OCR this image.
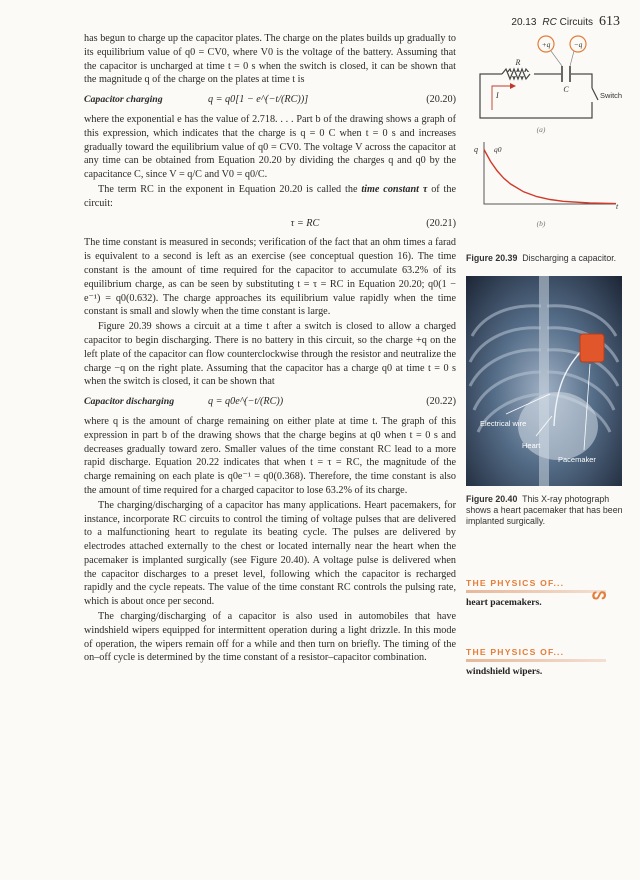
20.13 RC Circuits 613

has begun to charge up the capacitor plates. The charge on the plates builds up gradually to its equilibrium value of q0 = CV0, where V0 is the voltage of the battery. Assuming that the capacitor is uncharged at time t = 0 s when the switch is closed, it can be shown that the magnitude q of the charge on the plates at time t is

Capacitor charging	q = q0[1 − e^(−t/(RC))]	(20.20)

where the exponential e has the value of 2.718. . . . Part b of the drawing shows a graph of this expression, which indicates that the charge is q = 0 C when t = 0 s and increases gradually toward the equilibrium value of q0 = CV0. The voltage V across the capacitor at any time can be obtained from Equation 20.20 by dividing the charges q and q0 by the capacitance C, since V = q/C and V0 = q0/C.

The term RC in the exponent in Equation 20.20 is called the time constant τ of the circuit:

τ = RC	(20.21)

The time constant is measured in seconds; verification of the fact that an ohm times a farad is equivalent to a second is left as an exercise (see conceptual question 16). The time constant is the amount of time required for the capacitor to accumulate 63.2% of its equilibrium charge, as can be seen by substituting t = τ = RC in Equation 20.20; q0(1 − e⁻¹) = q0(0.632). The charge approaches its equilibrium value rapidly when the time constant is small and slowly when the time constant is large.

Figure 20.39 shows a circuit at a time t after a switch is closed to allow a charged capacitor to begin discharging. There is no battery in this circuit, so the charge +q on the left plate of the capacitor can flow counterclockwise through the resistor and neutralize the charge −q on the right plate. Assuming that the capacitor has a charge q0 at time t = 0 s when the switch is closed, it can be shown that

Capacitor discharging	q = q0e^(−t/(RC))	(20.22)

where q is the amount of charge remaining on either plate at time t. The graph of this expression in part b of the drawing shows that the charge begins at q0 when t = 0 s and decreases gradually toward zero. Smaller values of the time constant RC lead to a more rapid discharge. Equation 20.22 indicates that when t = τ = RC, the magnitude of the charge remaining on each plate is q0e⁻¹ = q0(0.368). Therefore, the time constant is also the amount of time required for a charged capacitor to lose 63.2% of its charge.

The charging/discharging of a capacitor has many applications. Heart pacemakers, for instance, incorporate RC circuits to control the timing of voltage pulses that are delivered to a malfunctioning heart to regulate its beating cycle. The pulses are delivered by electrodes attached externally to the chest or located internally near the heart when the pacemaker is implanted surgically (see Figure 20.40). A voltage pulse is delivered when the capacitor discharges to a preset level, following which the capacitor is recharged rapidly and the cycle repeats. The value of the time constant RC controls the pulsing rate, which is about once per second.

The charging/discharging of a capacitor is also used in automobiles that have windshield wipers equipped for intermittent operation during a light drizzle. In this mode of operation, the wipers remain off for a while and then turn on briefly. The timing of the on–off cycle is determined by the time constant of a resistor–capacitor combination.

+q	−q
R
C
I	Switch
(a)
q
t
q0
(b)
Figure 20.39 Discharging a capacitor.
Electrical wire
Heart
Pacemaker
Figure 20.40 This X-ray photograph shows a heart pacemaker that has been implanted surgically.
THE PHYSICS OF...
heart pacemakers.	ᔕ
THE PHYSICS OF...
windshield wipers.
